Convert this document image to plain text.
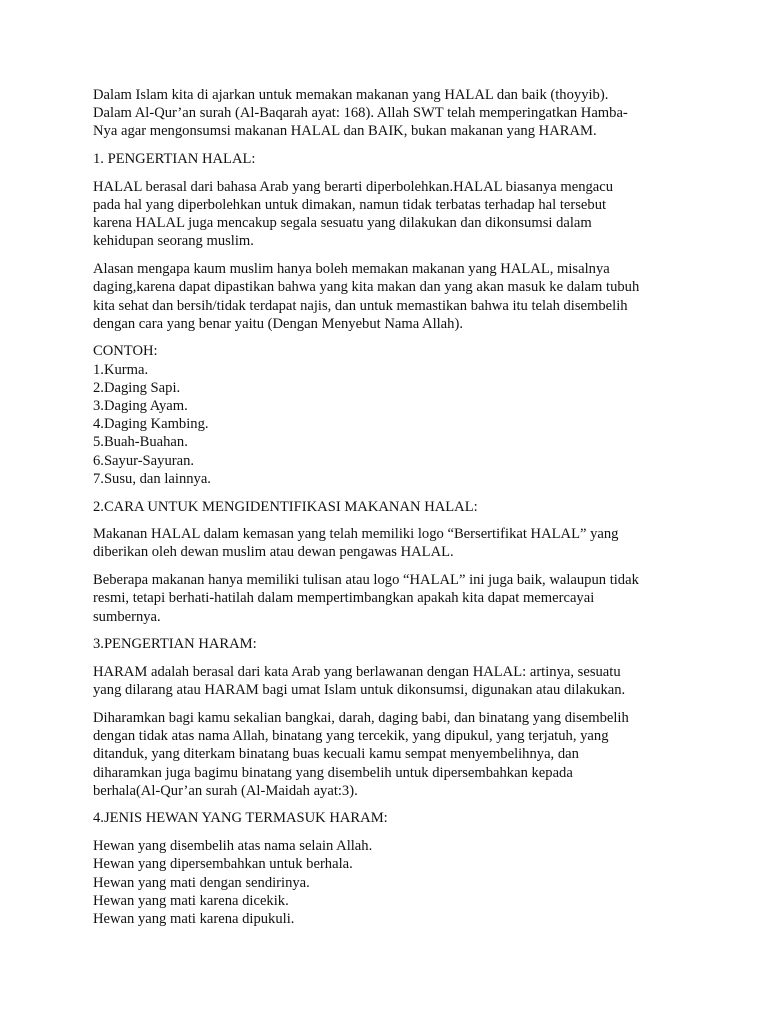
Dalam Islam kita di ajarkan untuk memakan makanan yang HALAL dan baik (thoyyib).
Dalam Al-Qur’an surah (Al-Baqarah ayat: 168). Allah SWT telah memperingatkan Hamba-
Nya agar mengonsumsi makanan HALAL dan BAIK, bukan makanan yang HARAM.

1. PENGERTIAN HALAL:

HALAL berasal dari bahasa Arab yang berarti diperbolehkan.HALAL biasanya mengacu
pada hal yang diperbolehkan untuk dimakan, namun tidak terbatas terhadap hal tersebut
karena HALAL juga mencakup segala sesuatu yang dilakukan dan dikonsumsi dalam
kehidupan seorang muslim.

Alasan mengapa kaum muslim hanya boleh memakan makanan yang HALAL, misalnya
daging,karena dapat dipastikan bahwa yang kita makan dan yang akan masuk ke dalam tubuh
kita sehat dan bersih/tidak terdapat najis, dan untuk memastikan bahwa itu telah disembelih
dengan cara yang benar yaitu (Dengan Menyebut Nama Allah).

CONTOH:
1.Kurma.
2.Daging Sapi.
3.Daging Ayam.
4.Daging Kambing.
5.Buah-Buahan.
6.Sayur-Sayuran.
7.Susu, dan lainnya.

2.CARA UNTUK MENGIDENTIFIKASI MAKANAN HALAL:

Makanan HALAL dalam kemasan yang telah memiliki logo “Bersertifikat HALAL” yang
diberikan oleh dewan muslim atau dewan pengawas HALAL.

Beberapa makanan hanya memiliki tulisan atau logo “HALAL” ini juga baik, walaupun tidak
resmi, tetapi berhati-hatilah dalam mempertimbangkan apakah kita dapat memercayai
sumbernya.

3.PENGERTIAN HARAM:

HARAM adalah berasal dari kata Arab yang berlawanan dengan HALAL: artinya, sesuatu
yang dilarang atau HARAM bagi umat Islam untuk dikonsumsi, digunakan atau dilakukan.

Diharamkan bagi kamu sekalian bangkai, darah, daging babi, dan binatang yang disembelih
dengan tidak atas nama Allah, binatang yang tercekik, yang dipukul, yang terjatuh, yang
ditanduk, yang diterkam binatang buas kecuali kamu sempat menyembelihnya, dan
diharamkan juga bagimu binatang yang disembelih untuk dipersembahkan kepada
berhala(Al-Qur’an surah (Al-Maidah ayat:3).

4.JENIS HEWAN YANG TERMASUK HARAM:

Hewan yang disembelih atas nama selain Allah.
Hewan yang dipersembahkan untuk berhala.
Hewan yang mati dengan sendirinya.
Hewan yang mati karena dicekik.
Hewan yang mati karena dipukuli.
